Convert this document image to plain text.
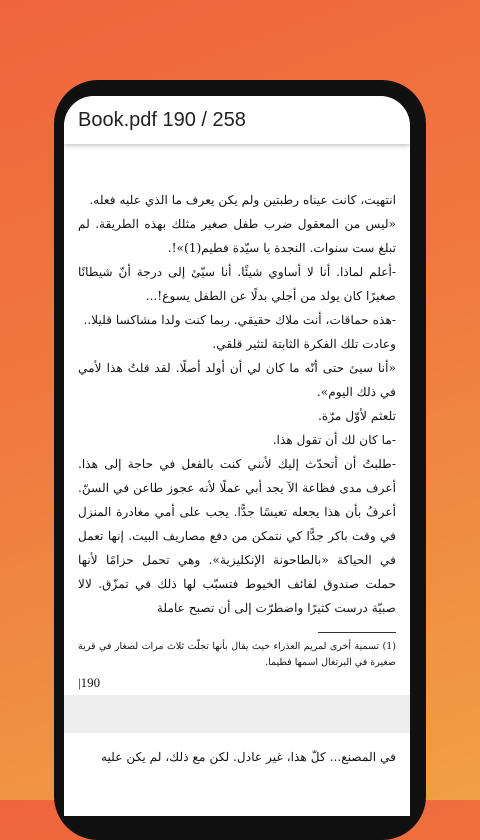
Book.pdf 190 / 258

انتهيت، كانت عيناه رطبتين ولم يكن يعرف ما الذي عليه فعله.

«ليس من المعقول ضرب طفل صغير مثلك بهذه الطريقة. لم تبلغ ست سنوات. النجدة يا سيّدة فطيم(1)»!.

-أعلم لماذا. أنا لا أساوي شيئًا. أنا سيّئ إلى درجة أنّ شيطانًا صغيرًا كان يولد من أجلي بدلًا عن الطفل يسوع!...

-هذه حماقات، أنت ملاك حقيقي. ربما كنت ولدا مشاكسا قليلا..

وعادت تلك الفكرة الثابتة لتثير قلقي.

«أنا سيئ حتى أنّه ما كان لي أن أولد أصلًا. لقد قلتُ هذا لأمي في ذلك اليوم».

تلعثم لأوّل مرّة.

-ما كان لك أن تقول هذا.

-طلبتُ أن أتحدّث إليك لأنني كنت بالفعل في حاجة إلى هذا. أعرف مدى فظاعة الآ يجد أبي عملًا لأنه عجوز طاعن في السنّ. أعرفُ بأن هذا يجعله تعيسًا جدًّا. يجب على أمي مغادرة المنزل في وقت باكر جدًّا كي نتمكن من دفع مصاريف البيت. إنها تعمل في الحياكة «بالطاحونة الإنكليزية». وهي تحمل حزامًا لأنها حملت صندوق لفائف الخيوط فتسبّب لها ذلك في تمزّق. لالا صبيّة درست كثيرًا واضطرّت إلى أن تصبح عاملة

(1) تسمية أخرى لمريم العذراء حيث يقال بأنها تجلّت ثلاث مرات لصغار في قرية صغيرة في البرتغال اسمها فطيما.

|190

في المصنع... كلّ هذا، غير عادل. لكن مع ذلك، لم يكن عليه
